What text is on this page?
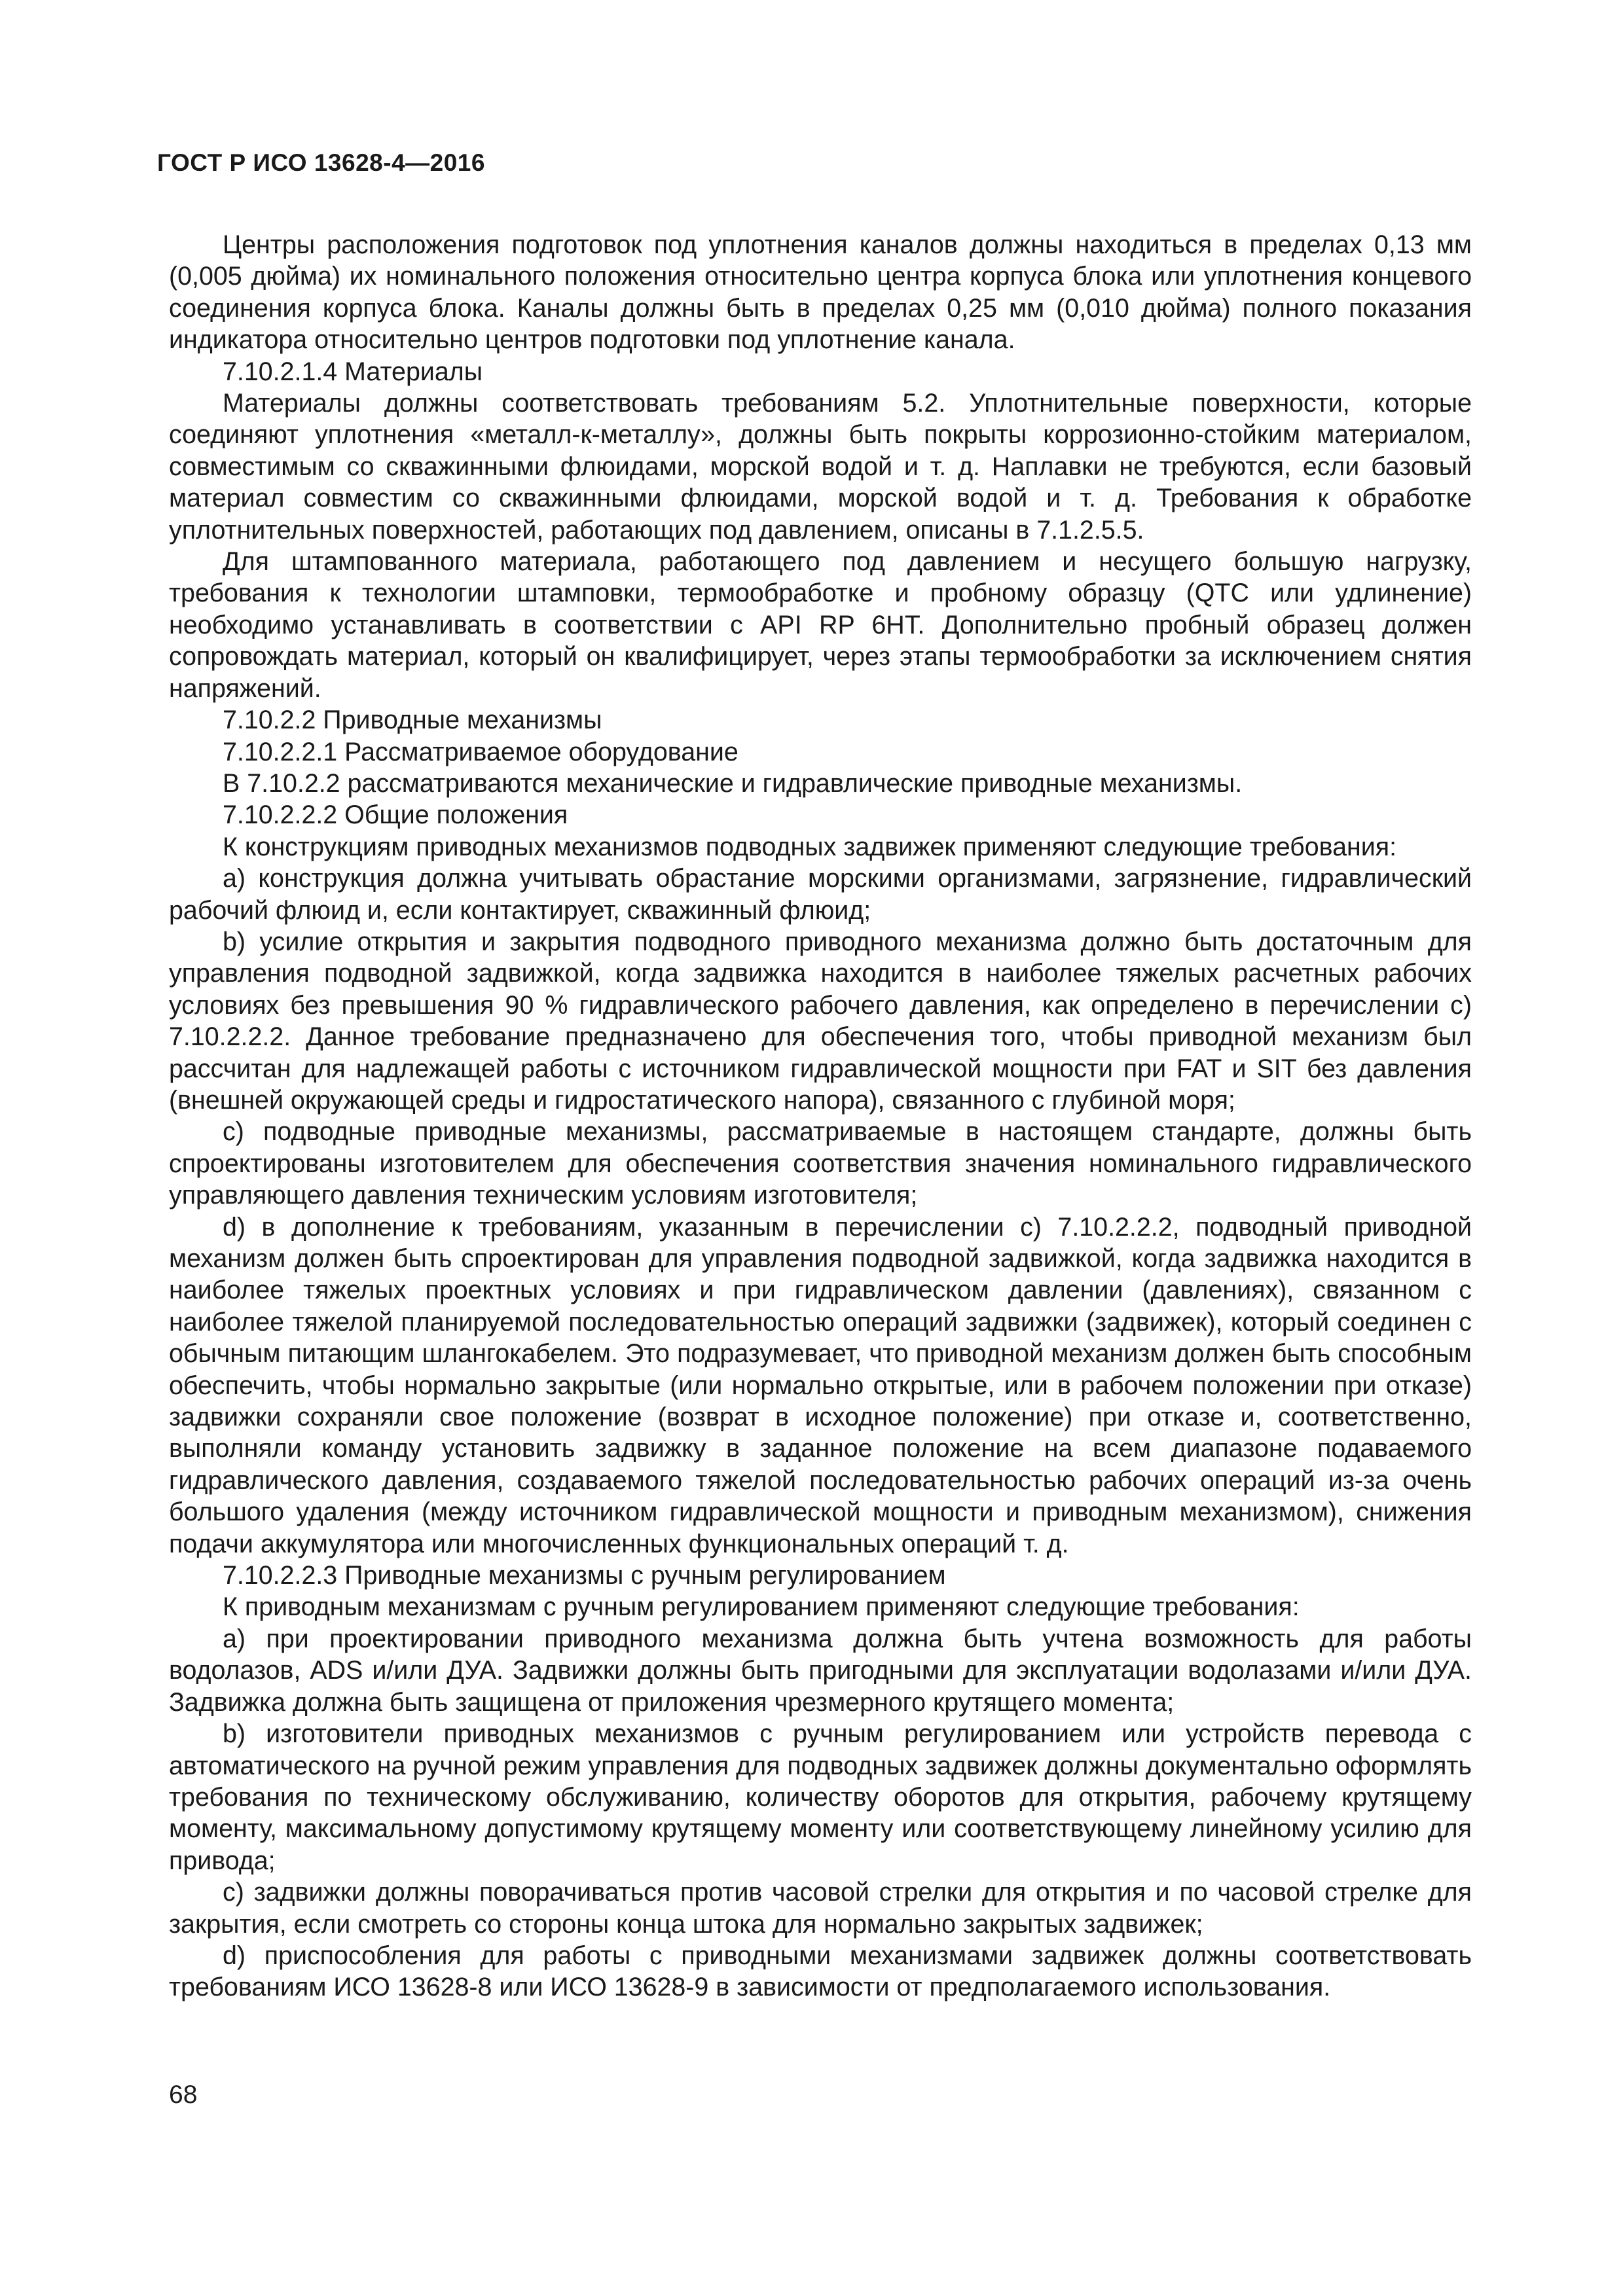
ГОСТ Р ИСО 13628-4—2016

Центры расположения подготовок под уплотнения каналов должны находиться в пределах 0,13 мм (0,005 дюйма) их номинального положения относительно центра корпуса блока или уплотнения концевого соединения корпуса блока. Каналы должны быть в пределах 0,25 мм (0,010 дюйма) полного показания индикатора относительно центров подготовки под уплотнение канала.

7.10.2.1.4 Материалы

Материалы должны соответствовать требованиям 5.2. Уплотнительные поверхности, которые соединяют уплотнения «металл-к-металлу», должны быть покрыты коррозионно-стойким материалом, совместимым со скважинными флюидами, морской водой и т. д. Наплавки не требуются, если базовый материал совместим со скважинными флюидами, морской водой и т. д. Требования к обработке уплотнительных поверхностей, работающих под давлением, описаны в 7.1.2.5.5.

Для штампованного материала, работающего под давлением и несущего большую нагрузку, требования к технологии штамповки, термообработке и пробному образцу (QTC или удлинение) необходимо устанавливать в соответствии с API RP 6HT. Дополнительно пробный образец должен сопровождать материал, который он квалифицирует, через этапы термообработки за исключением снятия напряжений.

7.10.2.2 Приводные механизмы

7.10.2.2.1 Рассматриваемое оборудование

В 7.10.2.2 рассматриваются механические и гидравлические приводные механизмы.

7.10.2.2.2 Общие положения

К конструкциям приводных механизмов подводных задвижек применяют следующие требования:

а) конструкция должна учитывать обрастание морскими организмами, загрязнение, гидравлический рабочий флюид и, если контактирует, скважинный флюид;

b) усилие открытия и закрытия подводного приводного механизма должно быть достаточным для управления подводной задвижкой, когда задвижка находится в наиболее тяжелых расчетных рабочих условиях без превышения 90 % гидравлического рабочего давления, как определено в перечислении с) 7.10.2.2.2. Данное требование предназначено для обеспечения того, чтобы приводной механизм был рассчитан для надлежащей работы с источником гидравлической мощности при FAT и SIT без давления (внешней окружающей среды и гидростатического напора), связанного с глубиной моря;

с) подводные приводные механизмы, рассматриваемые в настоящем стандарте, должны быть спроектированы изготовителем для обеспечения соответствия значения номинального гидравлического управляющего давления техническим условиям изготовителя;

d) в дополнение к требованиям, указанным в перечислении с) 7.10.2.2.2, подводный приводной механизм должен быть спроектирован для управления подводной задвижкой, когда задвижка находится в наиболее тяжелых проектных условиях и при гидравлическом давлении (давлениях), связанном с наиболее тяжелой планируемой последовательностью операций задвижки (задвижек), который соединен с обычным питающим шлангокабелем. Это подразумевает, что приводной механизм должен быть способным обеспечить, чтобы нормально закрытые (или нормально открытые, или в рабочем положении при отказе) задвижки сохраняли свое положение (возврат в исходное положение) при отказе и, соответственно, выполняли команду установить задвижку в заданное положение на всем диапазоне подаваемого гидравлического давления, создаваемого тяжелой последовательностью рабочих операций из-за очень большого удаления (между источником гидравлической мощности и приводным механизмом), снижения подачи аккумулятора или многочисленных функциональных операций т. д.

7.10.2.2.3 Приводные механизмы с ручным регулированием

К приводным механизмам с ручным регулированием применяют следующие требования:

а) при проектировании приводного механизма должна быть учтена возможность для работы водолазов, ADS и/или ДУА. Задвижки должны быть пригодными для эксплуатации водолазами и/или ДУА. Задвижка должна быть защищена от приложения чрезмерного крутящего момента;

b) изготовители приводных механизмов с ручным регулированием или устройств перевода с автоматического на ручной режим управления для подводных задвижек должны документально оформлять требования по техническому обслуживанию, количеству оборотов для открытия, рабочему крутящему моменту, максимальному допустимому крутящему моменту или соответствующему линейному усилию для привода;

с) задвижки должны поворачиваться против часовой стрелки для открытия и по часовой стрелке для закрытия, если смотреть со стороны конца штока для нормально закрытых задвижек;

d) приспособления для работы с приводными механизмами задвижек должны соответствовать требованиям ИСО 13628-8 или ИСО 13628-9 в зависимости от предполагаемого использования.

68
